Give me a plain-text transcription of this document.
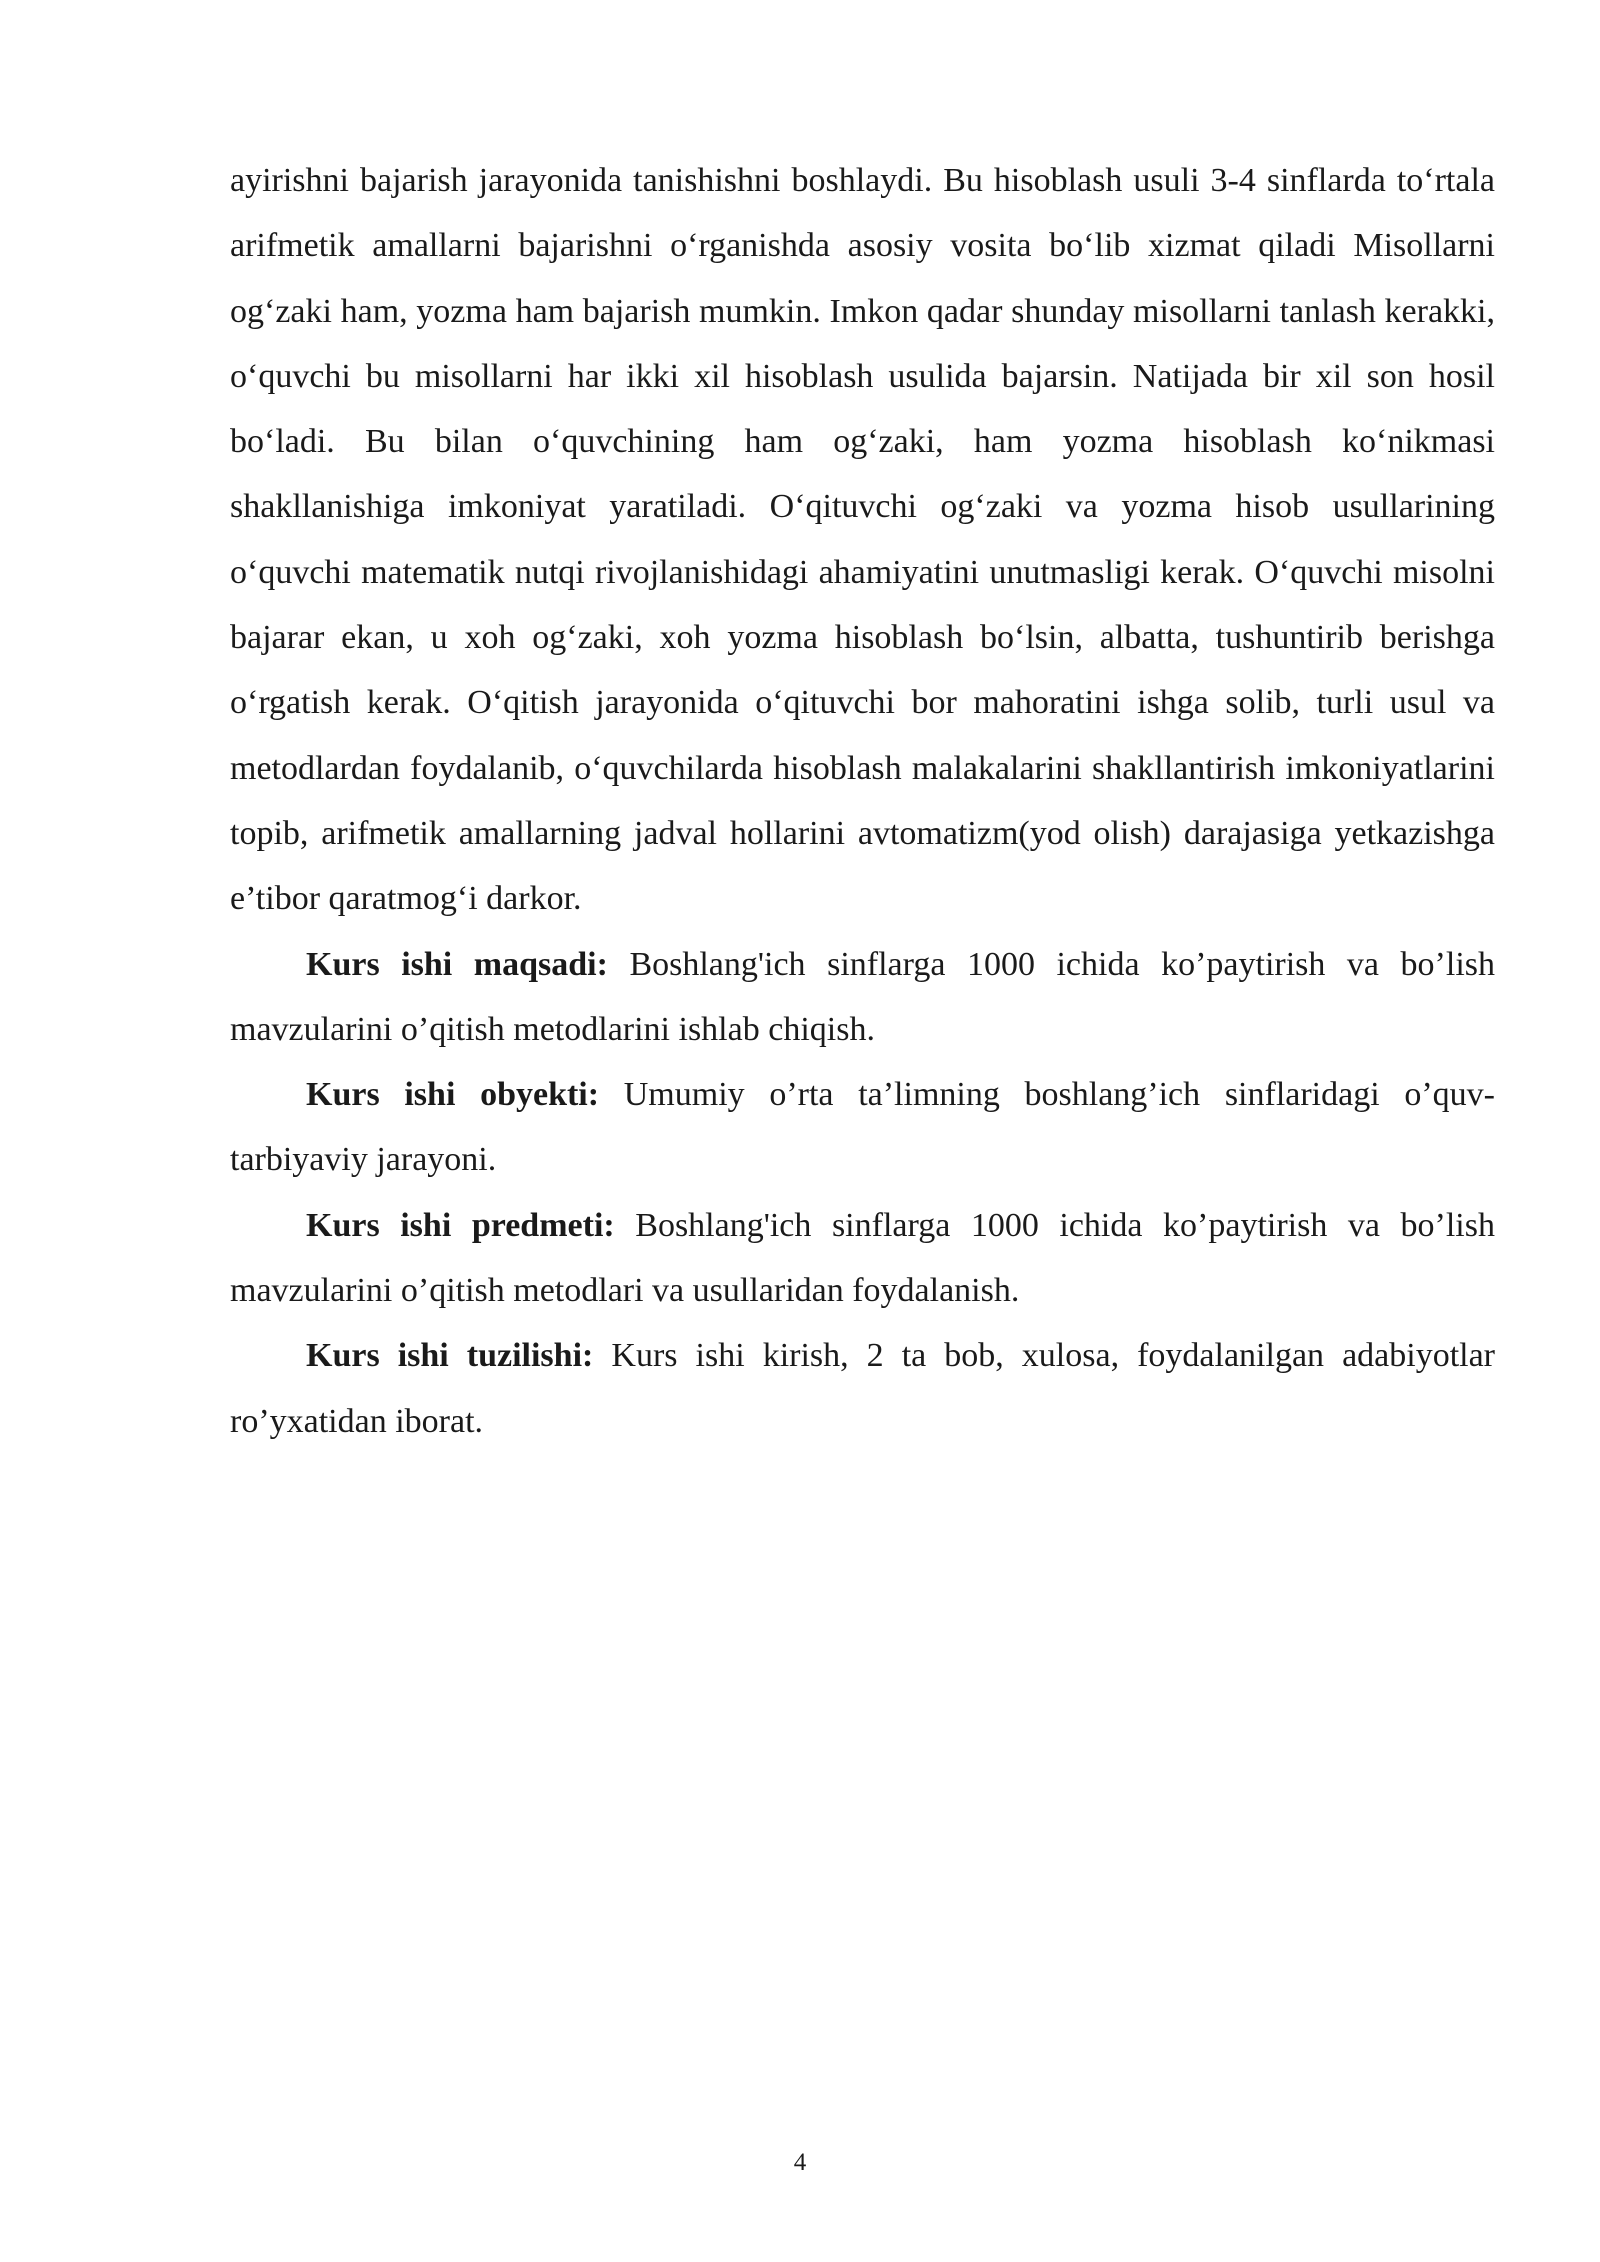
ayirishni bajarish jarayonida tanishishni boshlaydi. Bu hisoblash usuli 3-4 sinflarda to‘rtala arifmetik amallarni bajarishni o‘rganishda asosiy vosita bo‘lib xizmat qiladi Misollarni og‘zaki ham, yozma ham bajarish mumkin. Imkon qadar shunday misollarni tanlash kerakki, o‘quvchi bu misollarni har ikki xil hisoblash usulida bajarsin. Natijada bir xil son hosil bo‘ladi. Bu bilan o‘quvchining ham og‘zaki, ham yozma hisoblash ko‘nikmasi shakllanishiga imkoniyat yaratiladi. O‘qituvchi og‘zaki va yozma hisob usullarining o‘quvchi matematik nutqi rivojlanishidagi ahamiyatini unutmasligi kerak. O‘quvchi misolni bajarar ekan, u xoh og‘zaki, xoh yozma hisoblash bo‘lsin, albatta, tushuntirib berishga o‘rgatish kerak. O‘qitish jarayonida o‘qituvchi bor mahoratini ishga solib, turli usul va metodlardan foydalanib, o‘quvchilarda hisoblash malakalarini shakllantirish imkoniyatlarini topib, arifmetik amallarning jadval hollarini avtomatizm(yod olish) darajasiga yetkazishga e’tibor qaratmog‘i darkor.

Kurs ishi maqsadi: Boshlang'ich sinflarga 1000 ichida ko’paytirish va bo’lish mavzularini o’qitish metodlarini ishlab chiqish.

Kurs ishi obyekti: Umumiy o’rta ta’limning boshlang’ich sinflaridagi o’quv-tarbiyaviy jarayoni.

Kurs ishi predmeti: Boshlang'ich sinflarga 1000 ichida ko’paytirish va bo’lish mavzularini o’qitish metodlari va usullaridan foydalanish.

Kurs ishi tuzilishi: Kurs ishi kirish, 2 ta bob, xulosa, foydalanilgan adabiyotlar ro’yxatidan iborat.

4
